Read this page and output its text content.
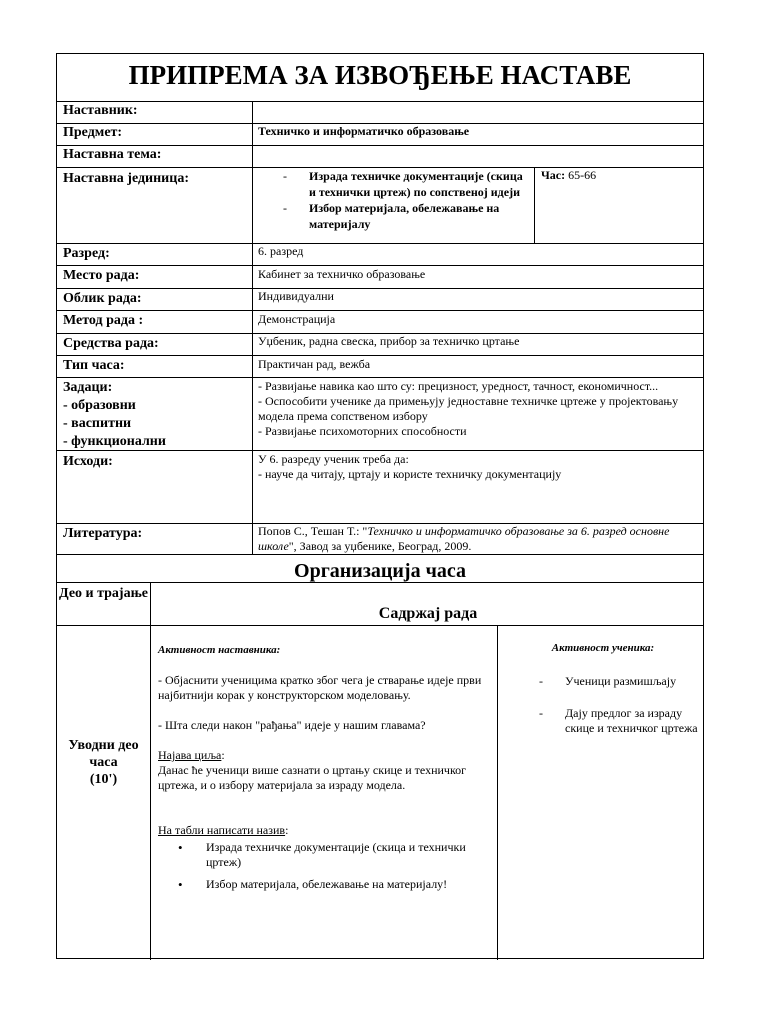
ПРИПРЕМА ЗА ИЗВОЂЕЊЕ НАСТАВЕ
Наставник:
Предмет:	Техничко и информатичко образовање
Наставна тема:
Наставна јединица:
-	Израда техничке документације (скица и технички цртеж) по сопственој идеји
- Избор материјала, обележавање на материјалу
Час: 65-66
Разред:	6. разред
Место рада:	Кабинет за техничко образовање
Облик рада:	Индивидуални
Метод рада :	Демонстрација
Средства рада:	Уџбеник, радна свеска, прибор за техничко цртање
Тип часа:	Практичан рад, вежба
Задаци:
- образовни
- васпитни
- функционални
- Развијање навика као што су: прецизност, уредност, тачност, економичност...
- Оспособити ученике да примењују једноставне техничке цртеже у пројектовању модела према сопственом избору
- Развијање психомоторних способности
Исходи:	У 6. разреду ученик треба да:
- науче да читају, цртају и користе техничку документацију
Литература:	Попов С., Тешан Т.: "Техничко и информатичко образовање за 6. разред основне школе", Завод за уџбенике, Београд, 2009.
Организација часа
Део и трајање
Садржај рада
Уводни део
часа
(10')
Активност наставника:
- Објаснити ученицима кратко због чега је стварање идеје први најбитнији корак у конструкторском моделовању.
- Шта следи након "рађања" идеје у нашим главама?
Најава циља:
Данас ће ученици више сазнати о цртању скице и техничког цртежа, и о избору материјала за израду модела.
На табли написати назив:
• Израда техничке документације (скица и технички цртеж)
• Избор материјала, обележавање на материјалу!
Активност ученика:
- Ученици размишљају
- Дају предлог за израду скице и техничког цртежа
